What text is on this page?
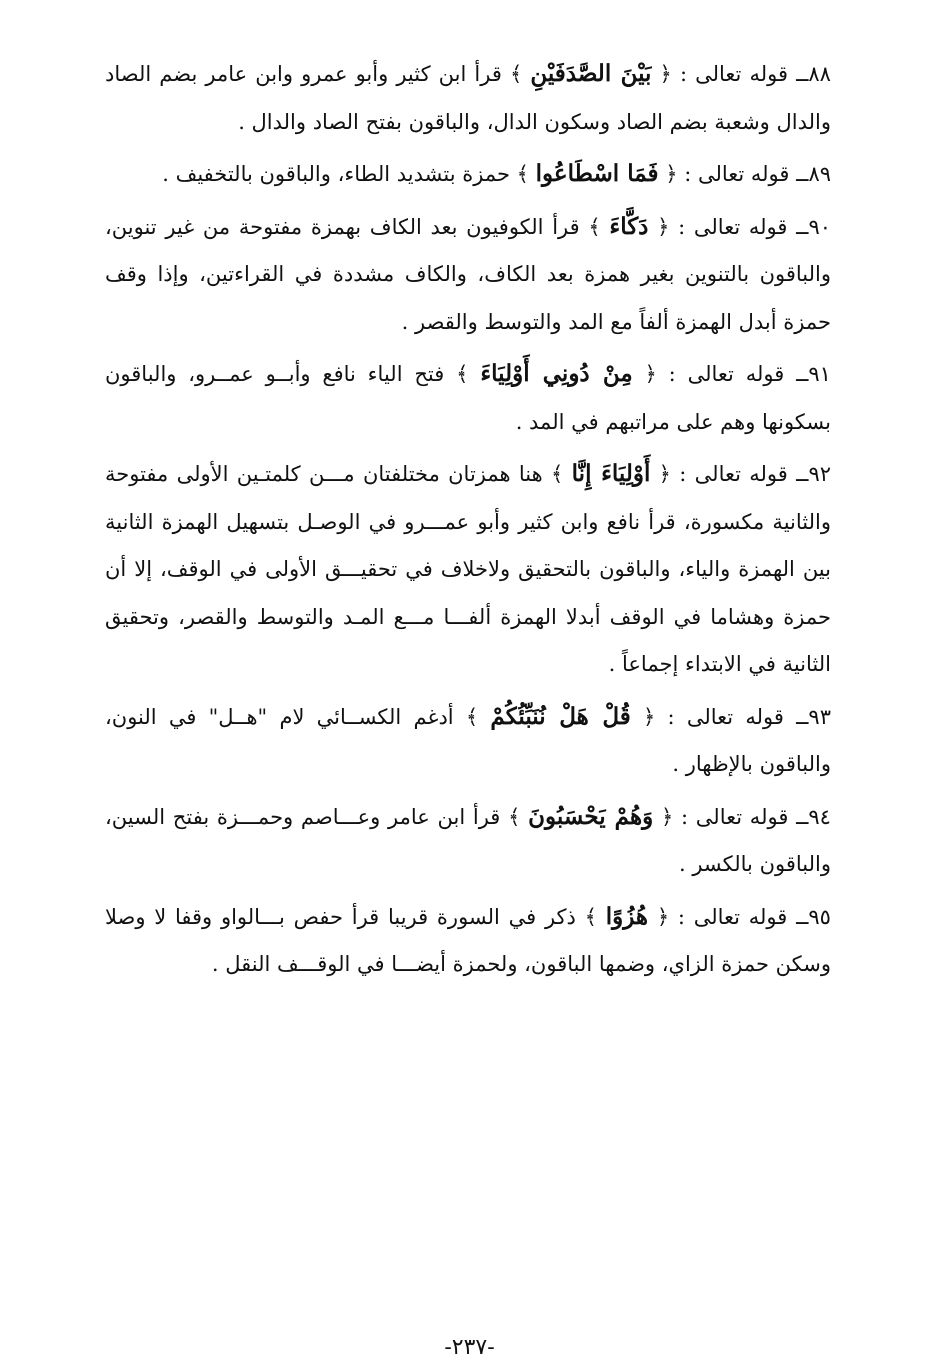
٨٨ــ قوله تعالى : ﴿ بَيْنَ الصَّدَفَيْنِ ﴾ قرأ ابن كثير وأبو عمرو وابن عامر بضم الصاد والدال وشعبة بضم الصاد وسكون الدال، والباقون بفتح الصاد والدال .

٨٩ــ قوله تعالى : ﴿ فَمَا اسْطَاعُوا ﴾ حمزة بتشديد الطاء، والباقون بالتخفيف .

٩٠ــ قوله تعالى : ﴿ دَكَّاءَ ﴾ قرأ الكوفيون بعد الكاف بهمزة مفتوحة من غير تنوين، والباقون بالتنوين بغير همزة بعد الكاف، والكاف مشددة في القراءتين، وإذا وقف حمزة أبدل الهمزة ألفاً مع المد والتوسط والقصر .

٩١ــ قوله تعالى : ﴿ مِنْ دُونِي أَوْلِيَاءَ ﴾ فتح الياء نافع وأبــو عمــرو، والباقون بسكونها وهم على مراتبهم في المد .

٩٢ــ قوله تعالى : ﴿ أَوْلِيَاءَ إِنَّا ﴾ هنا همزتان مختلفتان مـــن كلمتـين الأولى مفتوحة والثانية مكسورة، قرأ نافع وابن كثير وأبو عمـــرو في الوصـل بتسهيل الهمزة الثانية بين الهمزة والياء، والباقون بالتحقيق ولاخلاف في تحقيـــق الأولى في الوقف، إلا أن حمزة وهشاما في الوقف أبدلا الهمزة ألفـــا مـــع المـد والتوسط والقصر، وتحقيق الثانية في الابتداء إجماعاً .

٩٣ــ قوله تعالى : ﴿ قُلْ هَلْ نُنَبِّئُكُمْ ﴾ أدغم الكســائي لام "هــل" في النون، والباقون بالإظهار .

٩٤ــ قوله تعالى : ﴿ وَهُمْ يَحْسَبُونَ ﴾ قرأ ابن عامر وعـــاصم وحمـــزة بفتح السين، والباقون بالكسر .

٩٥ــ قوله تعالى : ﴿ هُزُوًا ﴾ ذكر في السورة قريبا قرأ حفص بـــالواو وقفا لا وصلا وسكن حمزة الزاي، وضمها الباقون، ولحمزة أيضـــا في الوقـــف النقل .

-٢٣٧-
